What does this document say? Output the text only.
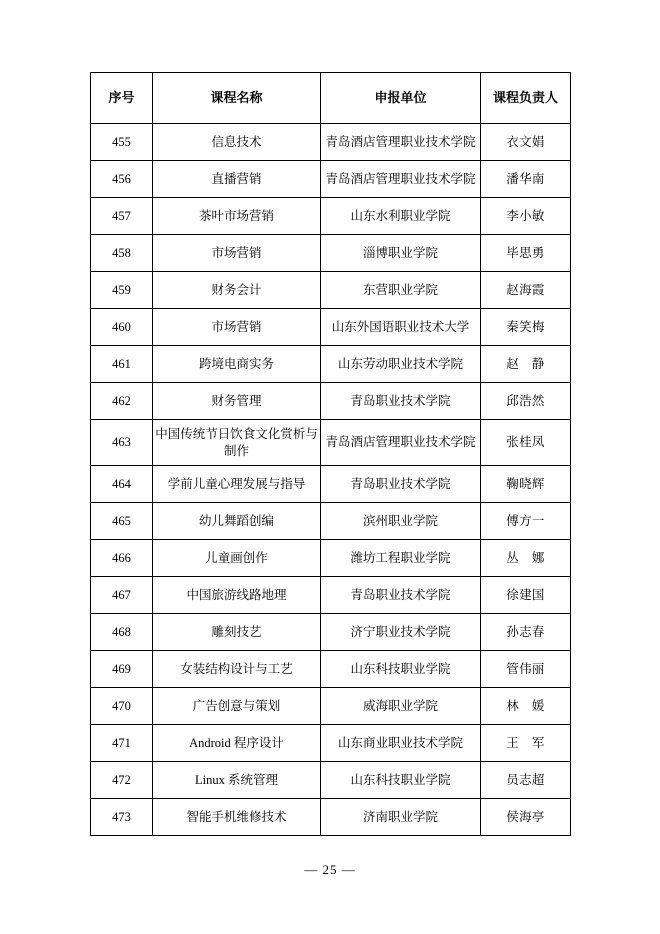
序号	课程名称	申报单位	课程负责人
455	信息技术	青岛酒店管理职业技术学院	衣文娟
456	直播营销	青岛酒店管理职业技术学院	潘华南
457	茶叶市场营销	山东水利职业学院	李小敏
458	市场营销	淄博职业学院	毕思勇
459	财务会计	东营职业学院	赵海霞
460	市场营销	山东外国语职业技术大学	秦笑梅
461	跨境电商实务	山东劳动职业技术学院	赵　静
462	财务管理	青岛职业技术学院	邱浩然
463	中国传统节日饮食文化赏析与制作	青岛酒店管理职业技术学院	张桂凤
464	学前儿童心理发展与指导	青岛职业技术学院	鞠晓辉
465	幼儿舞蹈创编	滨州职业学院	傅方一
466	儿童画创作	潍坊工程职业学院	丛　娜
467	中国旅游线路地理	青岛职业技术学院	徐建国
468	雕刻技艺	济宁职业技术学院	孙志春
469	女装结构设计与工艺	山东科技职业学院	管伟丽
470	广告创意与策划	威海职业学院	林　媛
471	Android 程序设计	山东商业职业技术学院	王　军
472	Linux 系统管理	山东科技职业学院	员志超
473	智能手机维修技术	济南职业学院	侯海亭
— 25 —
